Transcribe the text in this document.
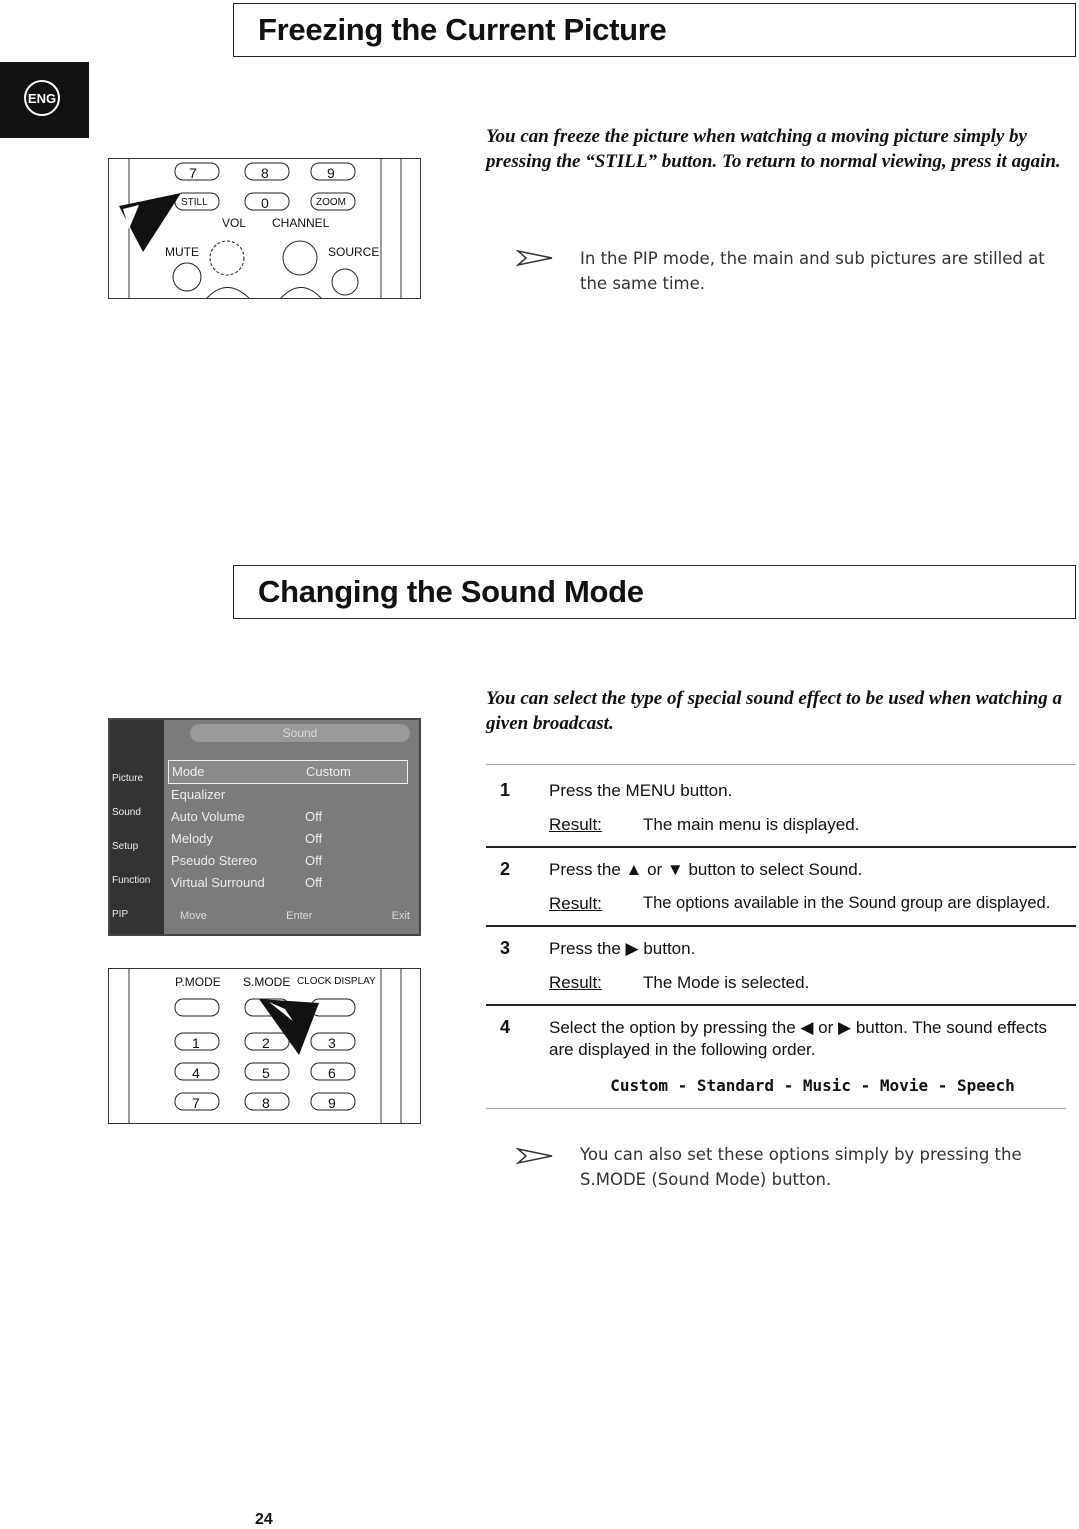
ENG
Freezing the Current Picture
7	8	9
STILL	0	ZOOM
VOL CHANNEL
MUTE	SOURCE
You can freeze the picture when watching a moving picture simply by pressing the “STILL” button. To return to normal viewing, press it again.
In the PIP mode, the main and sub pictures are stilled at the same time.
Changing the Sound Mode
Sound
Picture
Sound
Setup
Function
PIP
Mode	Custom
Equalizer
Auto Volume	Off
Melody	Off
Pseudo Stereo	Off
Virtual Surround	Off
Move	Enter	Exit
P.MODE S.MODE CLOCK DISPLAY
1	2	3
4	5	6
7	8	9
You can select the type of special sound effect to be used when watching a given broadcast.
1 Press the MENU button.
Result: The main menu is displayed.
2 Press the ▲ or ▼ button to select Sound.
Result: The options available in the Sound group are displayed.
3 Press the ▶ button.
Result: The Mode is selected.
4 Select the option by pressing the ◀ or ▶ button. The sound effects are displayed in the following order.
Custom - Standard - Music - Movie - Speech
You can also set these options simply by pressing the S.MODE (Sound Mode) button.
24
